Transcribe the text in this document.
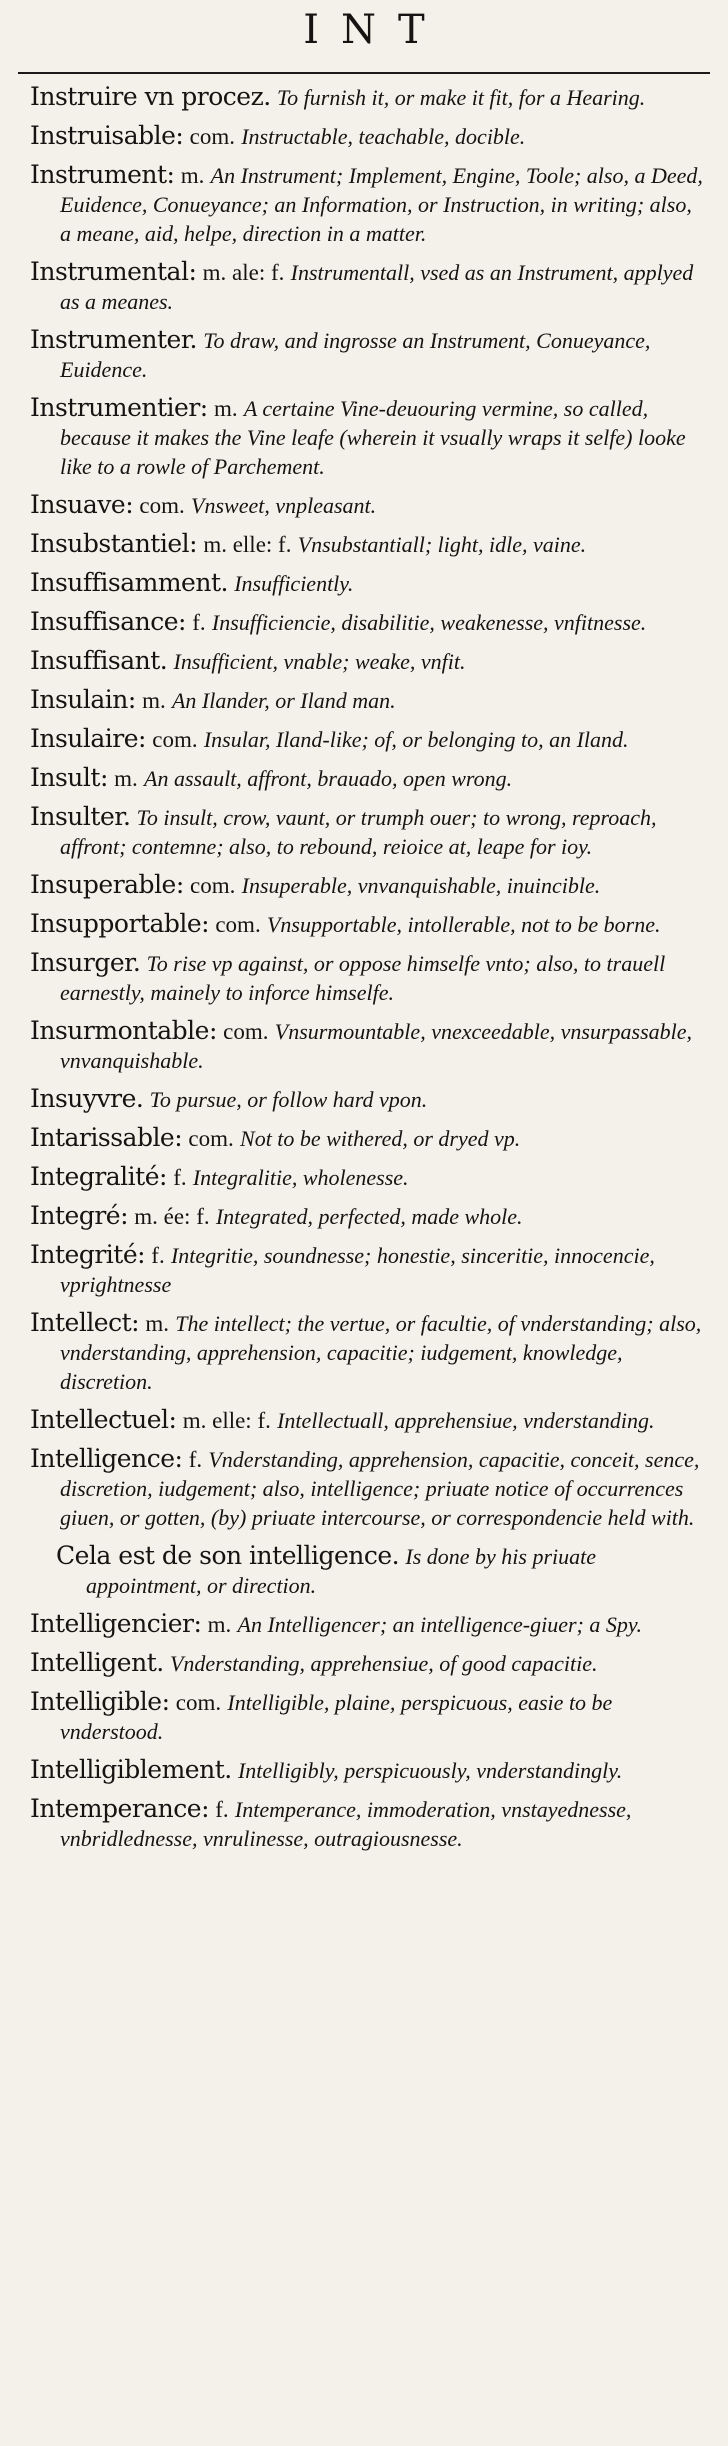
INT

Instruire vn procez. To furnish it, or make it fit, for a Hearing.

Instruisable: com. Instructable, teachable, docible.

Instrument: m. An Instrument; Implement, Engine, Toole; also, a Deed, Euidence, Conueyance; an Information, or Instruction, in writing; also, a meane, aid, helpe, direction in a matter.

Instrumental: m. ale: f. Instrumentall, vsed as an Instrument, applyed as a meanes.

Instrumenter. To draw, and ingrosse an Instrument, Conueyance, Euidence.

Instrumentier: m. A certaine Vine-deuouring vermine, so called, because it makes the Vine leafe (wherein it vsually wraps it selfe) looke like to a rowle of Parchement.

Insuave: com. Vnsweet, vnpleasant.

Insubstantiel: m. elle: f. Vnsubstantiall; light, idle, vaine.

Insuffisamment. Insufficiently.

Insuffisance: f. Insufficiencie, disabilitie, weakenesse, vnfitnesse.

Insuffisant. Insufficient, vnable; weake, vnfit.

Insulain: m. An Ilander, or Iland man.

Insulaire: com. Insular, Iland-like; of, or belonging to, an Iland.

Insult: m. An assault, affront, brauado, open wrong.

Insulter. To insult, crow, vaunt, or trumph ouer; to wrong, reproach, affront; contemne; also, to rebound, reioice at, leape for ioy.

Insuperable: com. Insuperable, vnvanquishable, inuincible.

Insupportable: com. Vnsupportable, intollerable, not to be borne.

Insurger. To rise vp against, or oppose himselfe vnto; also, to trauell earnestly, mainely to inforce himselfe.

Insurmontable: com. Vnsurmountable, vnexceedable, vnsurpassable, vnvanquishable.

Insuyvre. To pursue, or follow hard vpon.

Intarissable: com. Not to be withered, or dryed vp.

Integralité: f. Integralitie, wholenesse.

Integré: m. ée: f. Integrated, perfected, made whole.

Integrité: f. Integritie, soundnesse; honestie, sinceritie, innocencie, vprightnesse

Intellect: m. The intellect; the vertue, or facultie, of vnderstanding; also, vnderstanding, apprehension, capacitie; iudgement, knowledge, discretion.

Intellectuel: m. elle: f. Intellectuall, apprehensiue, vnderstanding.

Intelligence: f. Vnderstanding, apprehension, capacitie, conceit, sence, discretion, iudgement; also, intelligence; priuate notice of occurrences giuen, or gotten, (by) priuate intercourse, or correspondencie held with.

Cela est de son intelligence. Is done by his priuate appointment, or direction.

Intelligencier: m. An Intelligencer; an intelligence-giuer; a Spy.

Intelligent. Vnderstanding, apprehensiue, of good capacitie.

Intelligible: com. Intelligible, plaine, perspicuous, easie to be vnderstood.

Intelligiblement. Intelligibly, perspicuously, vnderstandingly.

Intemperance: f. Intemperance, immoderation, vnstayednesse, vnbridlednesse, vnrulinesse, outragiousnesse.
